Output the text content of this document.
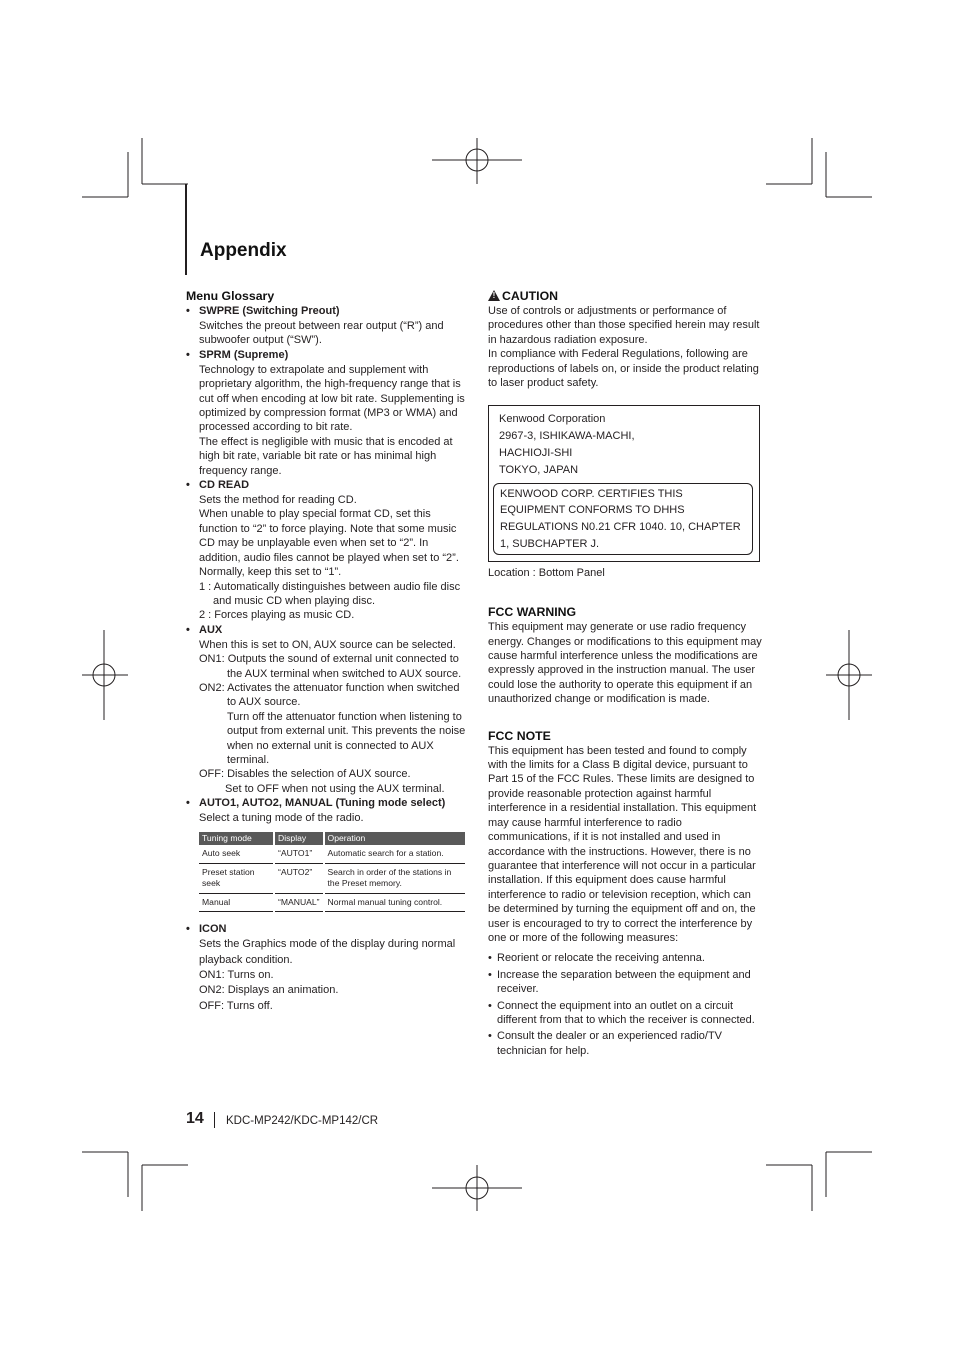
Appendix
Menu Glossary
• SWPRE (Switching Preout)
Switches the preout between rear output (“R”) and subwoofer output (“SW”).
• SPRM (Supreme)
Technology to extrapolate and supplement with proprietary algorithm, the high-frequency range that is cut off when encoding at low bit rate. Supplementing is optimized by compression format (MP3 or WMA) and processed according to bit rate.
The effect is negligible with music that is encoded at high bit rate, variable bit rate or has minimal high frequency range.
• CD READ
Sets the method for reading CD.
When unable to play special format CD, set this function to “2” to force playing. Note that some music CD may be unplayable even when set to “2”. In addition, audio files cannot be played when set to “2”. Normally, keep this set to “1”.
1 : Automatically distinguishes between audio file disc and music CD when playing disc.
2 : Forces playing as music CD.
• AUX
When this is set to ON, AUX source can be selected.
ON1: Outputs the sound of external unit connected to the AUX terminal when switched to AUX source.
ON2: Activates the attenuator function when switched to AUX source.
Turn off the attenuator function when listening to output from external unit. This prevents the noise when no external unit is connected to AUX terminal.
OFF: Disables the selection of AUX source.
Set to OFF when not using the AUX terminal.
• AUTO1, AUTO2, MANUAL (Tuning mode select)
Select a tuning mode of the radio.
Tuning mode	Display	Operation
Auto seek	“AUTO1”	Automatic search for a station.
Preset station seek	“AUTO2”	Search in order of the stations in the Preset memory.
Manual	“MANUAL”	Normal manual tuning control.
• ICON
Sets the Graphics mode of the display during normal playback condition.
ON1: Turns on.
ON2: Displays an animation.
OFF: Turns off.
! CAUTION

Use of controls or adjustments or performance of procedures other than those specified herein may result in hazardous radiation exposure.

In compliance with Federal Regulations, following are reproductions of labels on, or inside the product relating to laser product safety.

Kenwood Corporation
2967-3, ISHIKAWA-MACHI,
HACHIOJI-SHI
TOKYO, JAPAN
KENWOOD CORP. CERTIFIES THIS EQUIPMENT CONFORMS TO DHHS REGULATIONS N0.21 CFR 1040. 10, CHAPTER 1, SUBCHAPTER J.

Location : Bottom Panel

FCC WARNING

This equipment may generate or use radio frequency energy. Changes or modifications to this equipment may cause harmful interference unless the modifications are expressly approved in the instruction manual. The user could lose the authority to operate this equipment if an unauthorized change or modification is made.

FCC NOTE

This equipment has been tested and found to comply with the limits for a Class B digital device, pursuant to Part 15 of the FCC Rules. These limits are designed to provide reasonable protection against harmful interference in a residential installation. This equipment may cause harmful interference to radio communications, if it is not installed and used in accordance with the instructions. However, there is no guarantee that interference will not occur in a particular installation. If this equipment does cause harmful interference to radio or television reception, which can be determined by turning the equipment off and on, the user is encouraged to try to correct the interference by one or more of the following measures:

• Reorient or relocate the receiving antenna.
• Increase the separation between the equipment and receiver.
• Connect the equipment into an outlet on a circuit different from that to which the receiver is connected.
• Consult the dealer or an experienced radio/TV technician for help.
14 KDC-MP242/KDC-MP142/CR
